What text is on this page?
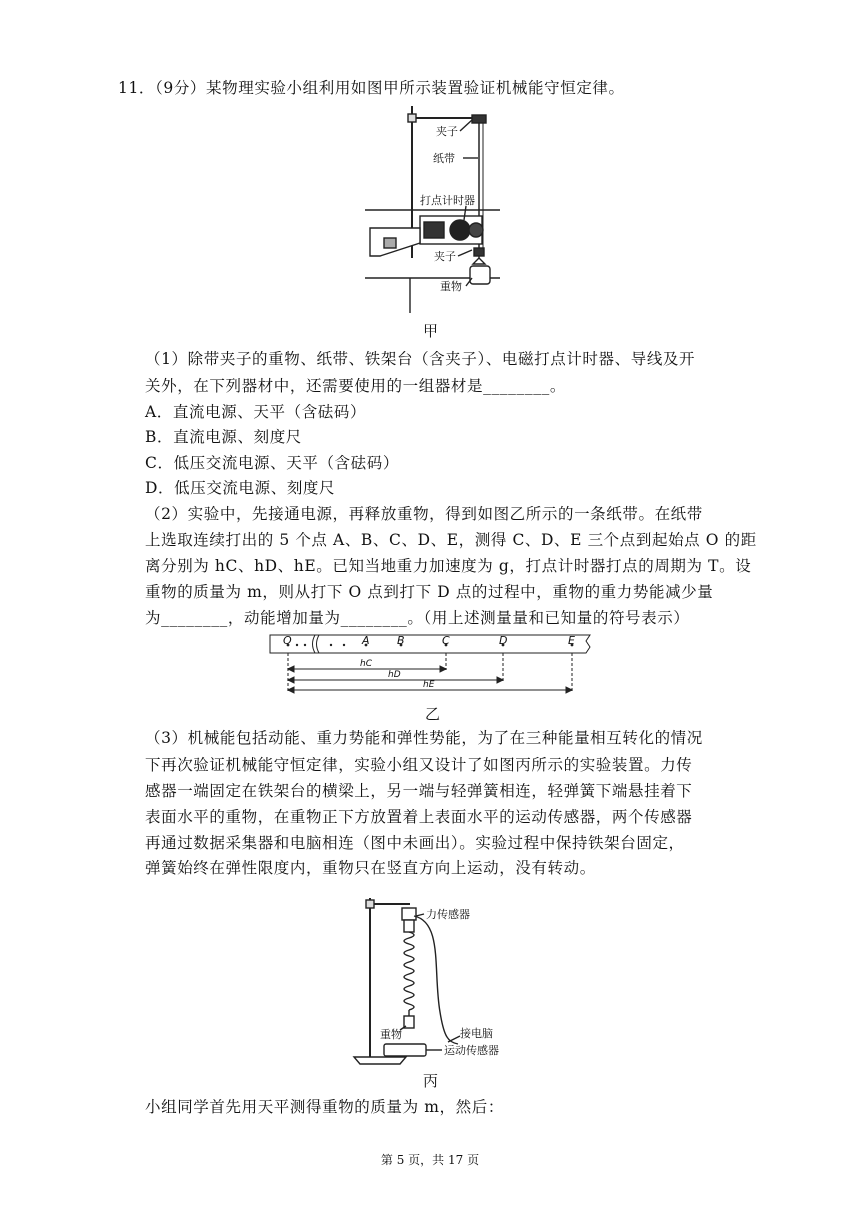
11．（9分）某物理实验小组利用如图甲所示装置验证机械能守恒定律。
夹子
纸带
打点计时器
夹子
重物
甲
（1）除带夹子的重物、纸带、铁架台（含夹子）、电磁打点计时器、导线及开
关外，在下列器材中，还需要使用的一组器材是________。
A．直流电源、天平（含砝码）
B．直流电源、刻度尺
C．低压交流电源、天平（含砝码）
D．低压交流电源、刻度尺
（2）实验中，先接通电源，再释放重物，得到如图乙所示的一条纸带。在纸带
上选取连续打出的 5 个点 A、B、C、D、E，测得 C、D、E 三个点到起始点 O 的距
离分别为 hC、hD、hE。已知当地重力加速度为 g，打点计时器打点的周期为 T。设
重物的质量为 m，则从打下 O 点到打下 D 点的过程中，重物的重力势能减少量
为________，动能增加量为________。（用上述测量量和已知量的符号表示）
O	A B	C	D	E
hC
hD
hE
乙
（3）机械能包括动能、重力势能和弹性势能，为了在三种能量相互转化的情况
下再次验证机械能守恒定律，实验小组又设计了如图丙所示的实验装置。力传
感器一端固定在铁架台的横梁上，另一端与轻弹簧相连，轻弹簧下端悬挂着下
表面水平的重物，在重物正下方放置着上表面水平的运动传感器，两个传感器
再通过数据采集器和电脑相连（图中未画出）。实验过程中保持铁架台固定，
弹簧始终在弹性限度内，重物只在竖直方向上运动，没有转动。
力传感器
重物	接电脑
运动传感器
丙
小组同学首先用天平测得重物的质量为 m，然后：
第 5 页，共 17 页
